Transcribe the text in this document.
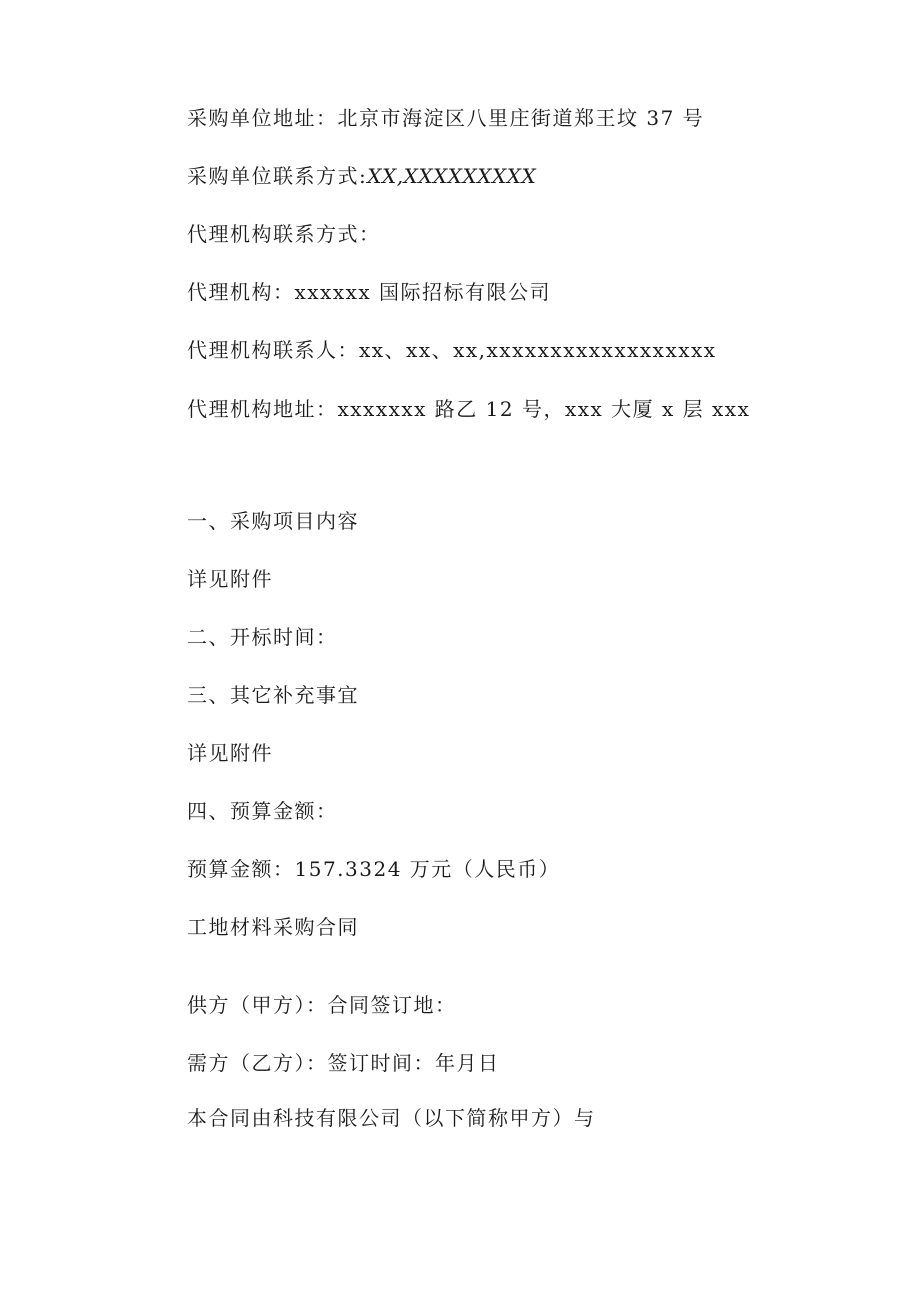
采购单位地址：北京市海淀区八里庄街道郑王坟 37 号
采购单位联系方式:XX,XXXXXXXXX
代理机构联系方式：
代理机构：xxxxxx 国际招标有限公司
代理机构联系人：xx、xx、xx,xxxxxxxxxxxxxxxxxx
代理机构地址：xxxxxxx 路乙 12 号，xxx 大厦 x 层 xxx
一、采购项目内容
详见附件
二、开标时间：
三、其它补充事宜
详见附件
四、预算金额：
预算金额：157.3324 万元（人民币）
工地材料采购合同
供方（甲方）：合同签订地：
需方（乙方）：签订时间：年月日
本合同由科技有限公司（以下简称甲方）与
